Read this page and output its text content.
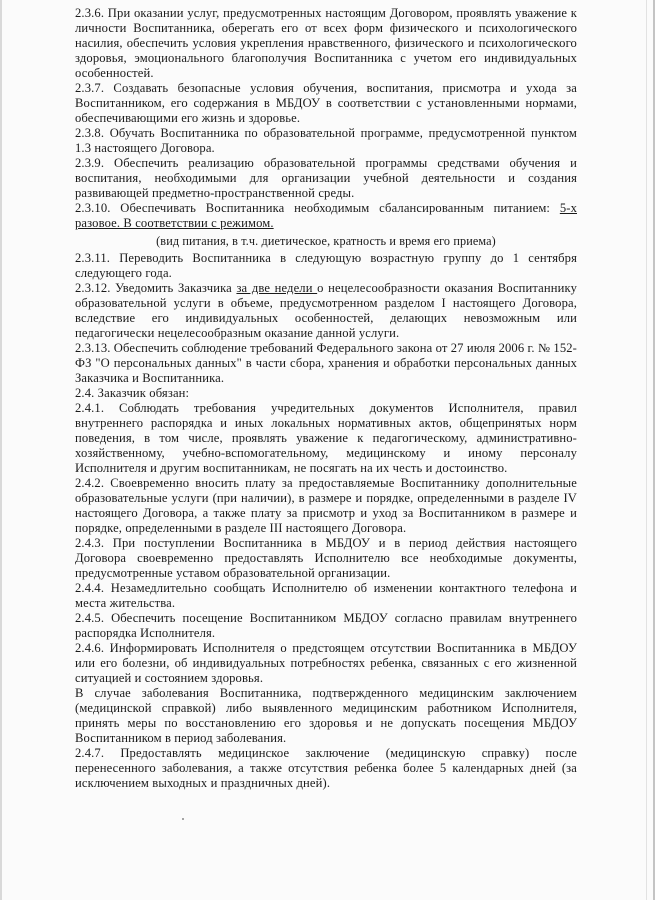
2.3.6. При оказании услуг, предусмотренных настоящим Договором, проявлять уважение к личности Воспитанника, оберегать его от всех форм физического и психологического насилия, обеспечить условия укрепления нравственного, физического и психологического здоровья, эмоционального благополучия Воспитанника с учетом его индивидуальных особенностей.

2.3.7. Создавать безопасные условия обучения, воспитания, присмотра и ухода за Воспитанником, его содержания в МБДОУ в соответствии с установленными нормами, обеспечивающими его жизнь и здоровье.

2.3.8. Обучать Воспитанника по образовательной программе, предусмотренной пунктом 1.3 настоящего Договора.

2.3.9. Обеспечить реализацию образовательной программы средствами обучения и воспитания, необходимыми для организации учебной деятельности и создания развивающей предметно-пространственной среды.

2.3.10. Обеспечивать Воспитанника необходимым сбалансированным питанием: 5-х разовое. В соответствии с режимом.

(вид питания, в т.ч. диетическое, кратность и время его приема)

2.3.11. Переводить Воспитанника в следующую возрастную группу до 1 сентября следующего года.

2.3.12. Уведомить Заказчика за две недели о нецелесообразности оказания Воспитаннику образовательной услуги в объеме, предусмотренном разделом I настоящего Договора, вследствие его индивидуальных особенностей, делающих невозможным или педагогически нецелесообразным оказание данной услуги.

2.3.13. Обеспечить соблюдение требований Федерального закона от 27 июля 2006 г. № 152-ФЗ "О персональных данных" в части сбора, хранения и обработки персональных данных Заказчика и Воспитанника.

2.4. Заказчик обязан:

2.4.1. Соблюдать требования учредительных документов Исполнителя, правил внутреннего распорядка и иных локальных нормативных актов, общепринятых норм поведения, в том числе, проявлять уважение к педагогическому, административно-хозяйственному, учебно-вспомогательному, медицинскому и иному персоналу Исполнителя и другим воспитанникам, не посягать на их честь и достоинство.

2.4.2. Своевременно вносить плату за предоставляемые Воспитаннику дополнительные образовательные услуги (при наличии), в размере и порядке, определенными в разделе IV настоящего Договора, а также плату за присмотр и уход за Воспитанником в размере и порядке, определенными в разделе III настоящего Договора.

2.4.3. При поступлении Воспитанника в МБДОУ и в период действия настоящего Договора своевременно предоставлять Исполнителю все необходимые документы, предусмотренные уставом образовательной организации.

2.4.4. Незамедлительно сообщать Исполнителю об изменении контактного телефона и места жительства.

2.4.5. Обеспечить посещение Воспитанником МБДОУ согласно правилам внутреннего распорядка Исполнителя.

2.4.6. Информировать Исполнителя о предстоящем отсутствии Воспитанника в МБДОУ или его болезни, об индивидуальных потребностях ребенка, связанных с его жизненной ситуацией и состоянием здоровья.

В случае заболевания Воспитанника, подтвержденного медицинским заключением (медицинской справкой) либо выявленного медицинским работником Исполнителя, принять меры по восстановлению его здоровья и не допускать посещения МБДОУ Воспитанником в период заболевания.

2.4.7. Предоставлять медицинское заключение (медицинскую справку) после перенесенного заболевания, а также отсутствия ребенка более 5 календарных дней (за исключением выходных и праздничных дней).
